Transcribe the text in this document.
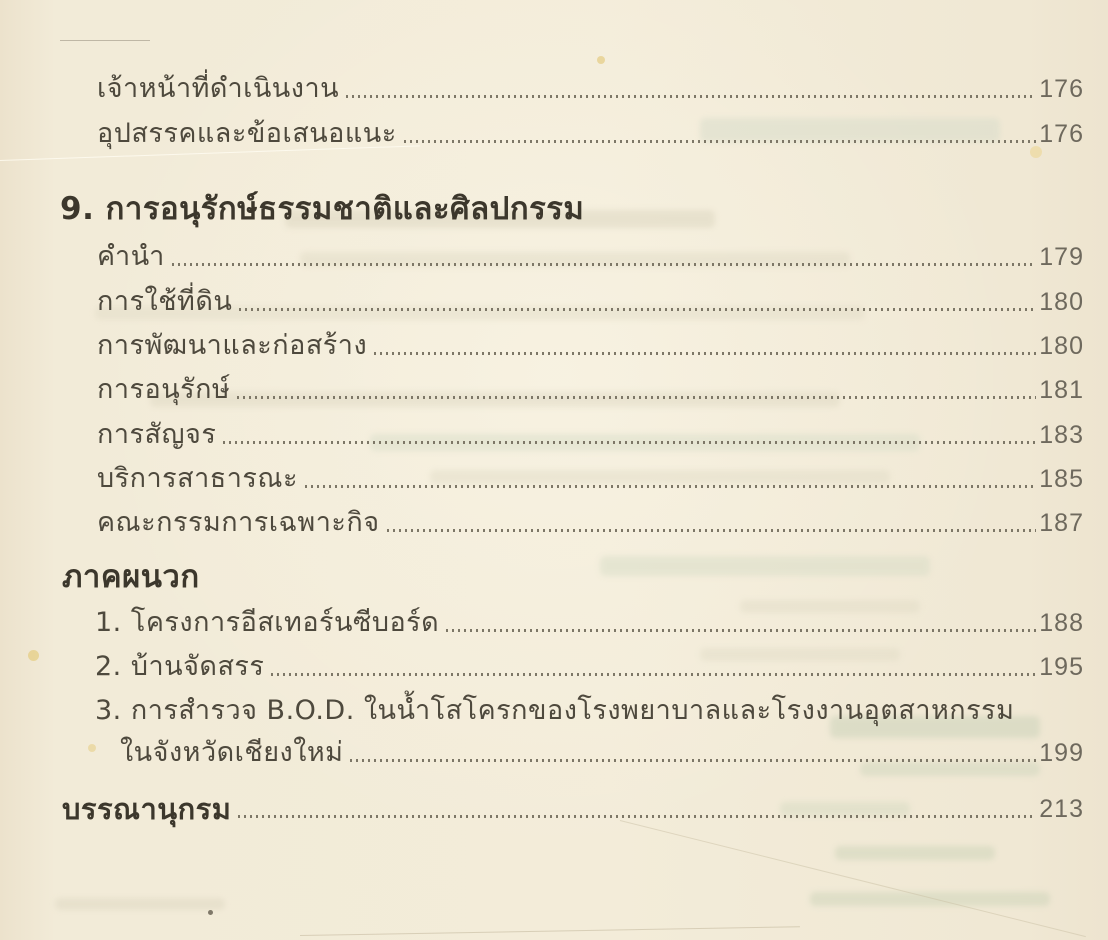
เจ้าหน้าที่ดำเนินงาน	176
อุปสรรคและข้อเสนอแนะ	176
9. การอนุรักษ์ธรรมชาติและศิลปกรรม
คำนำ	179
การใช้ที่ดิน	180
การพัฒนาและก่อสร้าง	180
การอนุรักษ์	181
การสัญจร	183
บริการสาธารณะ	185
คณะกรรมการเฉพาะกิจ	187
ภาคผนวก
1. โครงการอีสเทอร์นซีบอร์ด	188
2. บ้านจัดสรร	195
3. การสำรวจ B.O.D. ในน้ำโสโครกของโรงพยาบาลและโรงงานอุตสาหกรรม
ในจังหวัดเชียงใหม่	199
บรรณานุกรม	213
